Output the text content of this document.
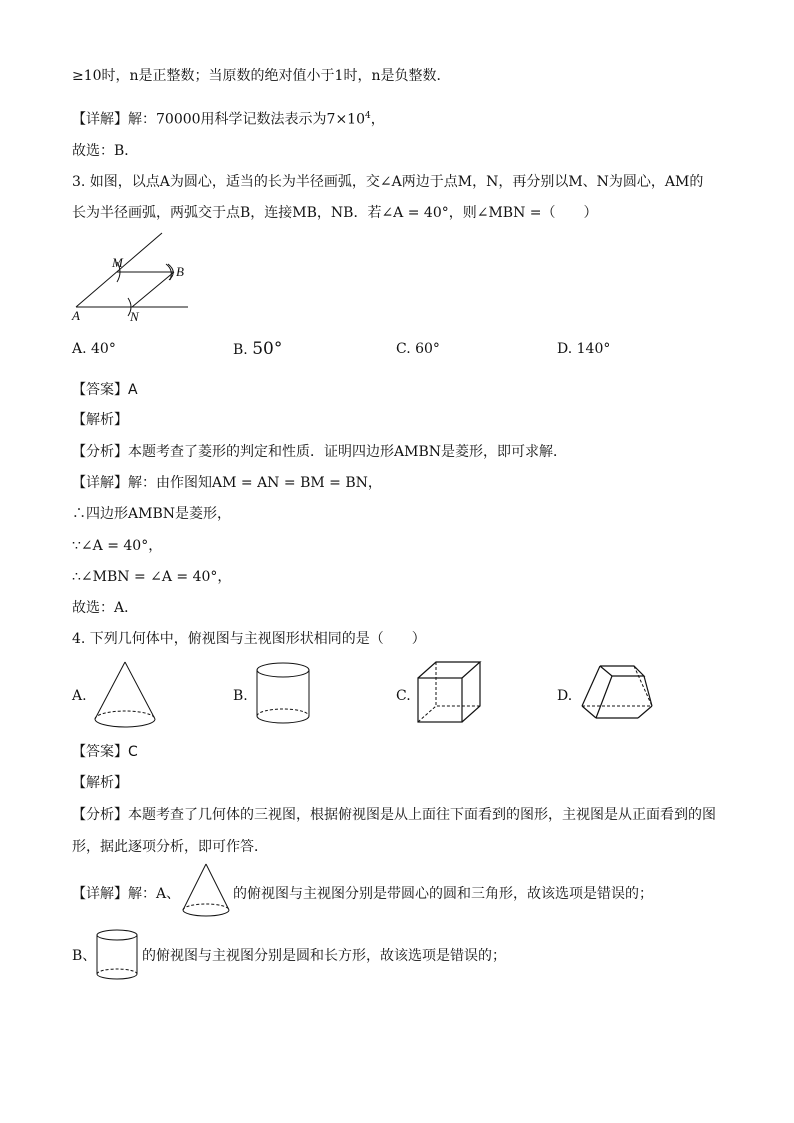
≥10时，n是正整数；当原数的绝对值小于1时，n是负整数．
【详解】解：70000用科学记数法表示为$7\times 10^4$，
故选：B．
3. 如图，以点A为圆心，适当的长为半径画弧，交∠A两边于点M，N，再分别以M、N为圆心，AM的
长为半径画弧，两弧交于点B，连接MB，NB．若∠A = 40°，则∠MBN =（　　）
M
B
A	N
A. 40°	B. 50°	C. 60°	D. 140°
【答案】A
【解析】
【分析】本题考查了菱形的判定和性质．证明四边形AMBN是菱形，即可求解．
【详解】解：由作图知AM = AN = BM = BN，
∴四边形AMBN是菱形，
∵∠A = 40°，
∴∠MBN = ∠A = 40°，
故选：A．
4. 下列几何体中，俯视图与主视图形状相同的是（　　）
A.	B.	C.	D.
【答案】C
【解析】
【分析】本题考查了几何体的三视图，根据俯视图是从上面往下面看到的图形，主视图是从正面看到的图
形，据此逐项分析，即可作答．
【详解】解：A、	的俯视图与主视图分别是带圆心的圆和三角形，故该选项是错误的；
B、	的俯视图与主视图分别是圆和长方形，故该选项是错误的；
